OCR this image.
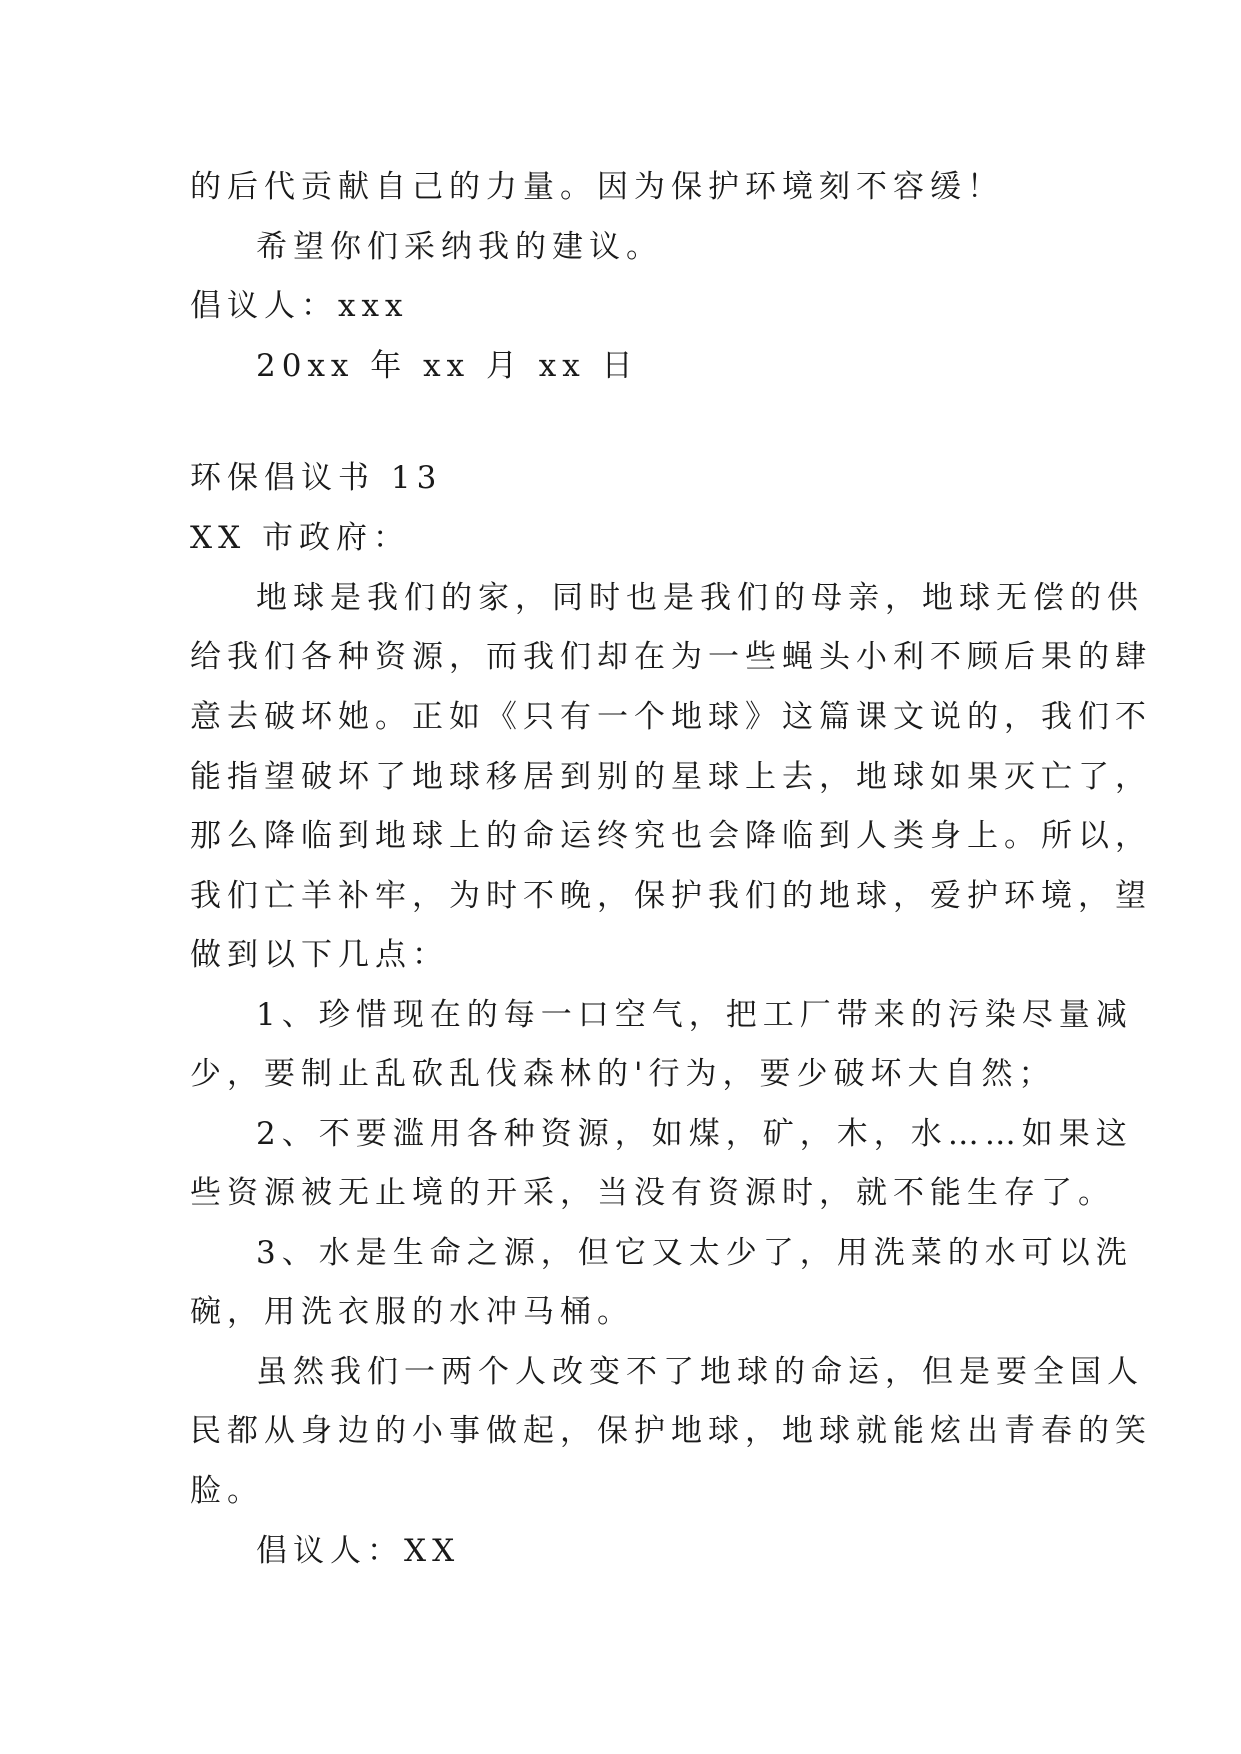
的后代贡献自己的力量。因为保护环境刻不容缓！
希望你们采纳我的建议。
倡议人：xxx
20xx 年 xx 月 xx 日
环保倡议书 13
XX 市政府：
地球是我们的家，同时也是我们的母亲，地球无偿的供
给我们各种资源，而我们却在为一些蝇头小利不顾后果的肆
意去破坏她。正如《只有一个地球》这篇课文说的，我们不
能指望破坏了地球移居到别的星球上去，地球如果灭亡了，
那么降临到地球上的命运终究也会降临到人类身上。所以，
我们亡羊补牢，为时不晚，保护我们的地球，爱护环境，望
做到以下几点：
1、珍惜现在的每一口空气，把工厂带来的污染尽量减
少，要制止乱砍乱伐森林的'行为，要少破坏大自然；
2、不要滥用各种资源，如煤，矿，木，水……如果这
些资源被无止境的开采，当没有资源时，就不能生存了。
3、水是生命之源，但它又太少了，用洗菜的水可以洗
碗，用洗衣服的水冲马桶。
虽然我们一两个人改变不了地球的命运，但是要全国人
民都从身边的小事做起，保护地球，地球就能炫出青春的笑
脸。
倡议人：XX
